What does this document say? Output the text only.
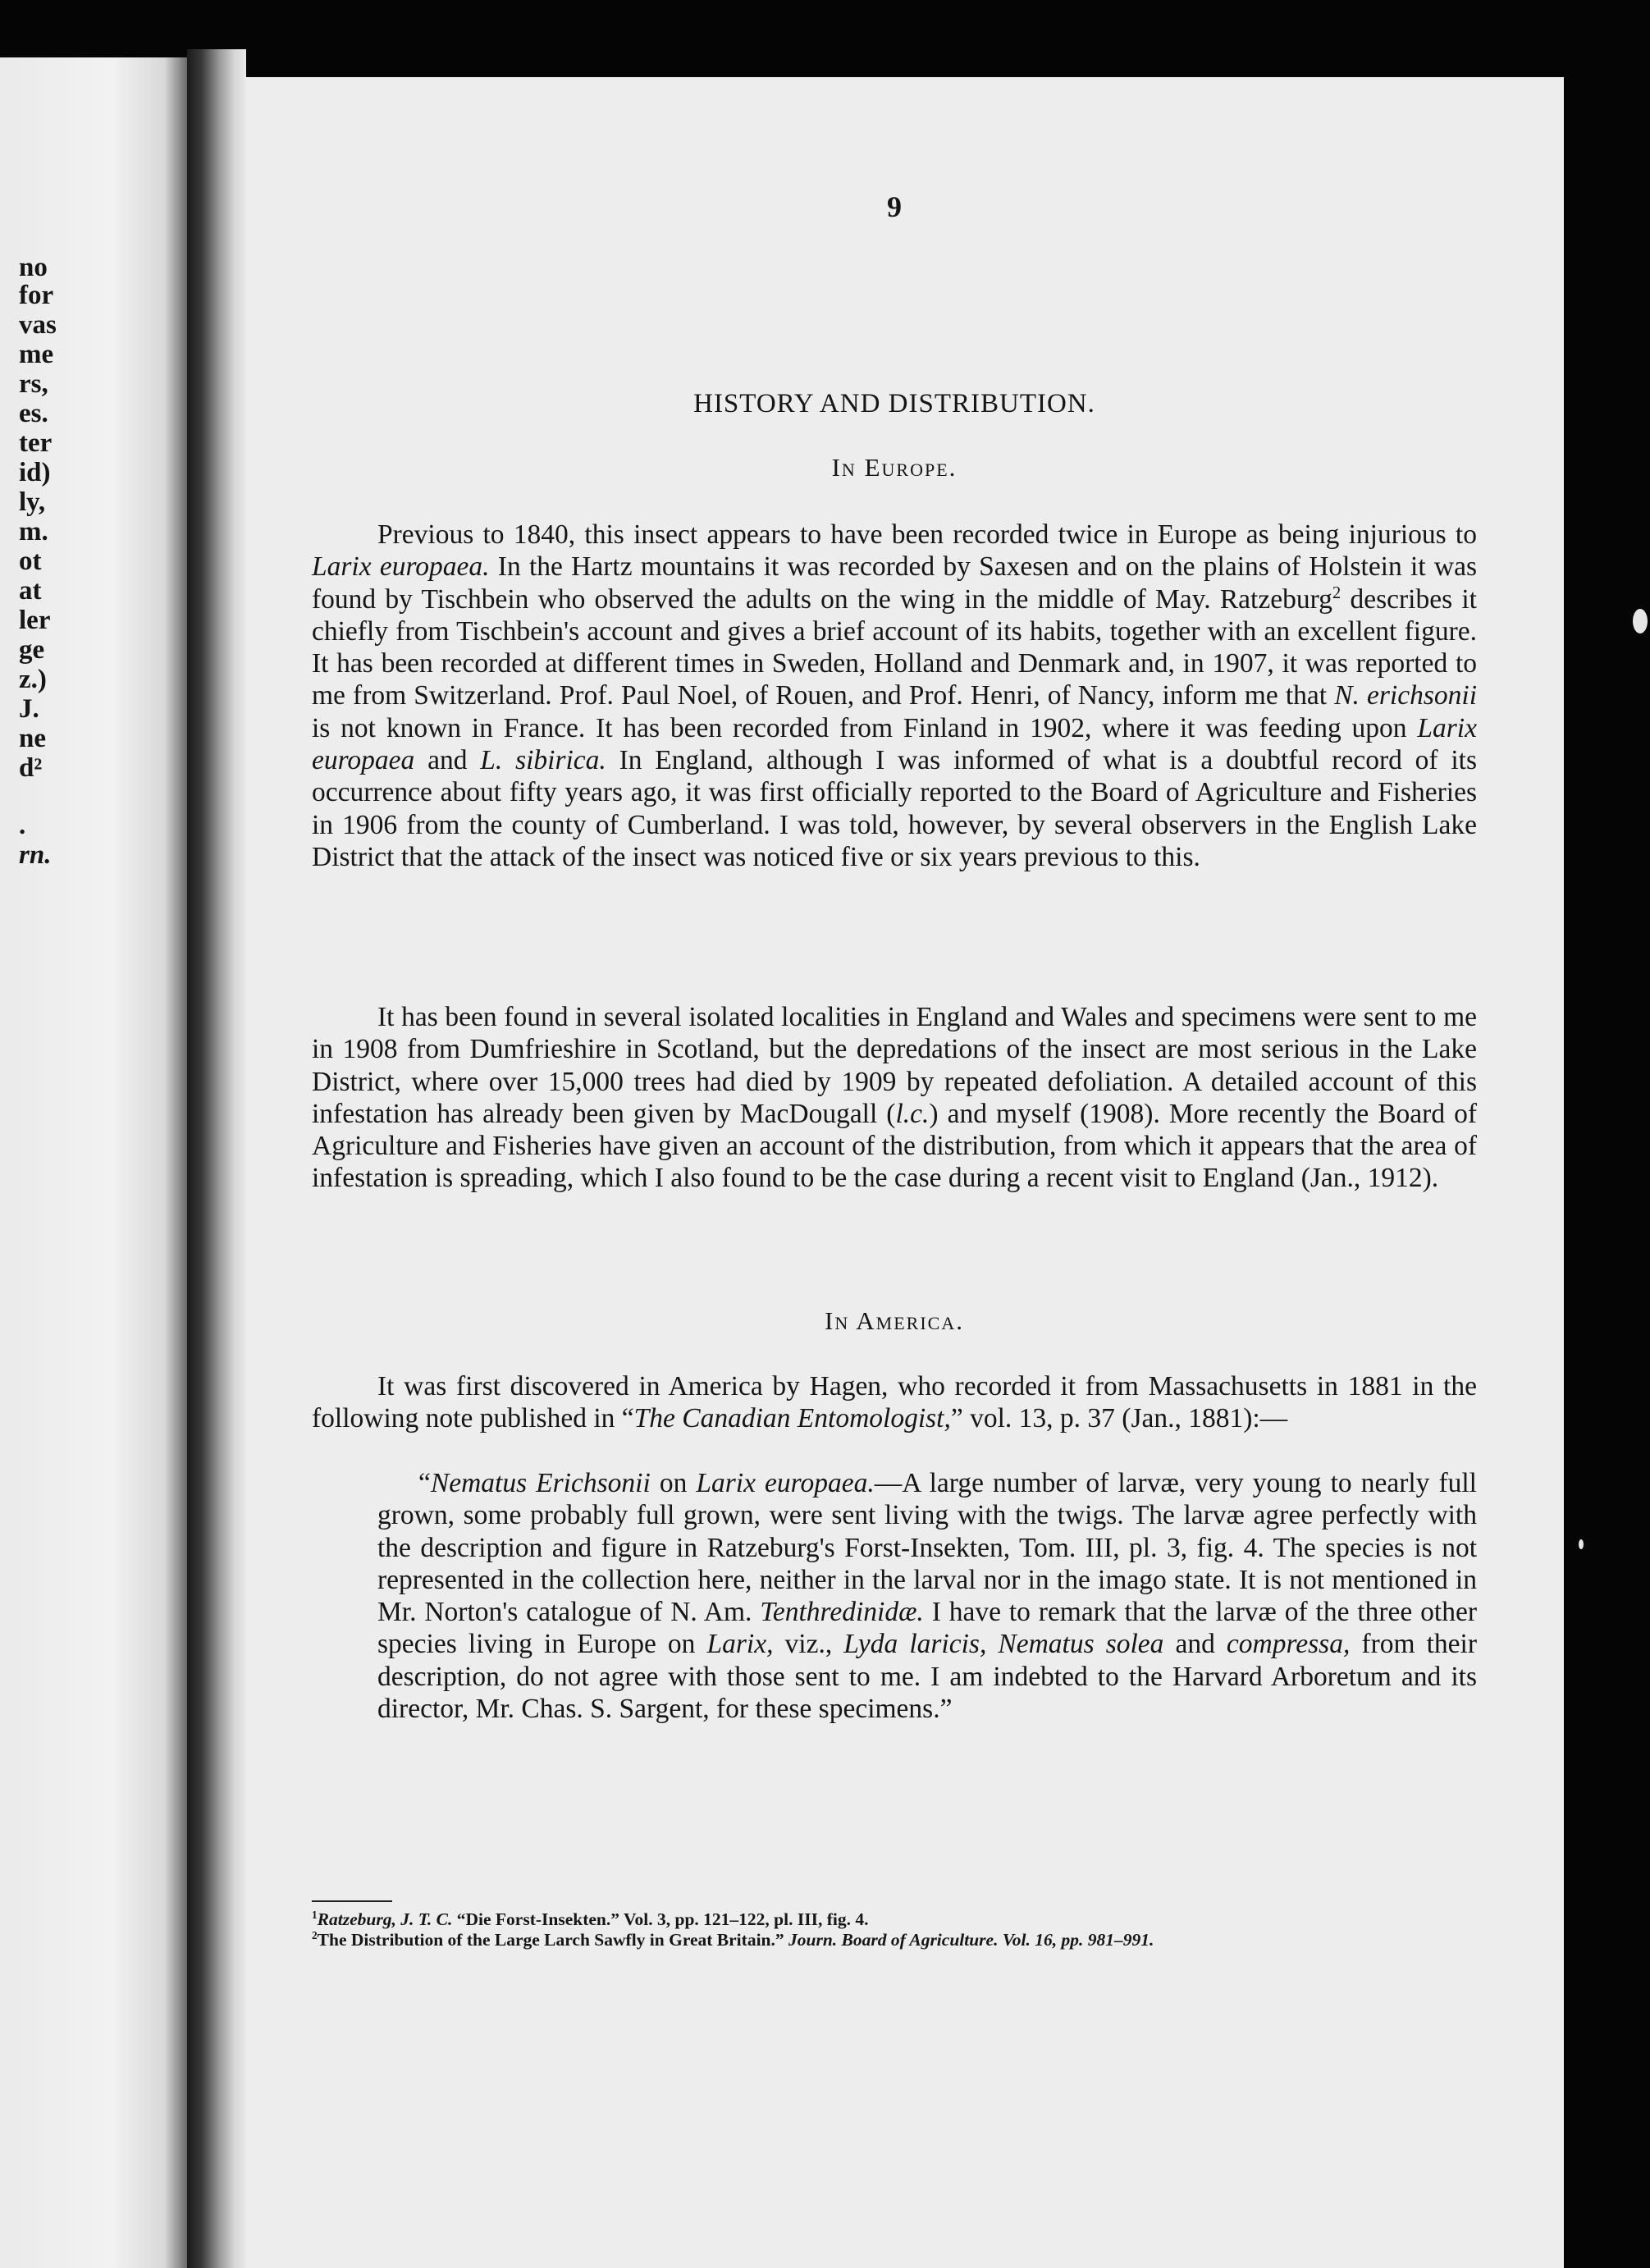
no
for
vas
me
rs,
es.
ter
id)
ly,
m.
ot
at
ler
ge
z.)
J.
ne
d²
.
rn.
9
HISTORY AND DISTRIBUTION.
In Europe.

Previous to 1840, this insect appears to have been recorded twice in Europe as being injurious to Larix europaea. In the Hartz mountains it was recorded by Saxesen and on the plains of Holstein it was found by Tischbein who observed the adults on the wing in the middle of May. Ratzeburg$^2$ describes it chiefly from Tischbein's account and gives a brief account of its habits, together with an excellent figure. It has been recorded at different times in Sweden, Holland and Denmark and, in 1907, it was reported to me from Switzerland. Prof. Paul Noel, of Rouen, and Prof. Henri, of Nancy, inform me that N. erichsonii is not known in France. It has been recorded from Finland in 1902, where it was feeding upon Larix europaea and L. sibirica. In England, although I was informed of what is a doubtful record of its occurrence about fifty years ago, it was first officially reported to the Board of Agriculture and Fisheries in 1906 from the county of Cumberland. I was told, however, by several observers in the English Lake District that the attack of the insect was noticed five or six years previous to this.

It has been found in several isolated localities in England and Wales and specimens were sent to me in 1908 from Dumfrieshire in Scotland, but the depredations of the insect are most serious in the Lake District, where over 15,000 trees had died by 1909 by repeated defoliation. A detailed account of this infestation has already been given by MacDougall (l.c.) and myself (1908). More recently the Board of Agriculture and Fisheries have given an account of the distribution, from which it appears that the area of infestation is spreading, which I also found to be the case during a recent visit to England (Jan., 1912).

In America.

It was first discovered in America by Hagen, who recorded it from Massachusetts in 1881 in the following note published in “The Canadian Entomologist,” vol. 13, p. 37 (Jan., 1881):—

“Nematus Erichsonii on Larix europaea.—A large number of larvæ, very young to nearly full grown, some probably full grown, were sent living with the twigs. The larvæ agree perfectly with the description and figure in Ratzeburg's Forst-Insekten, Tom. III, pl. 3, fig. 4. The species is not represented in the collection here, neither in the larval nor in the imago state. It is not mentioned in Mr. Norton's catalogue of N. Am. Tenthredinidæ. I have to remark that the larvæ of the three other species living in Europe on Larix, viz., Lyda laricis, Nematus solea and compressa, from their description, do not agree with those sent to me. I am indebted to the Harvard Arboretum and its director, Mr. Chas. S. Sargent, for these specimens.”

$^1$Ratzeburg, J. T. C. “Die Forst-Insekten.” Vol. 3, pp. 121–122, pl. III, fig. 4.

$^2$The Distribution of the Large Larch Sawfly in Great Britain.” Journ. Board of Agriculture. Vol. 16, pp. 981–991.
